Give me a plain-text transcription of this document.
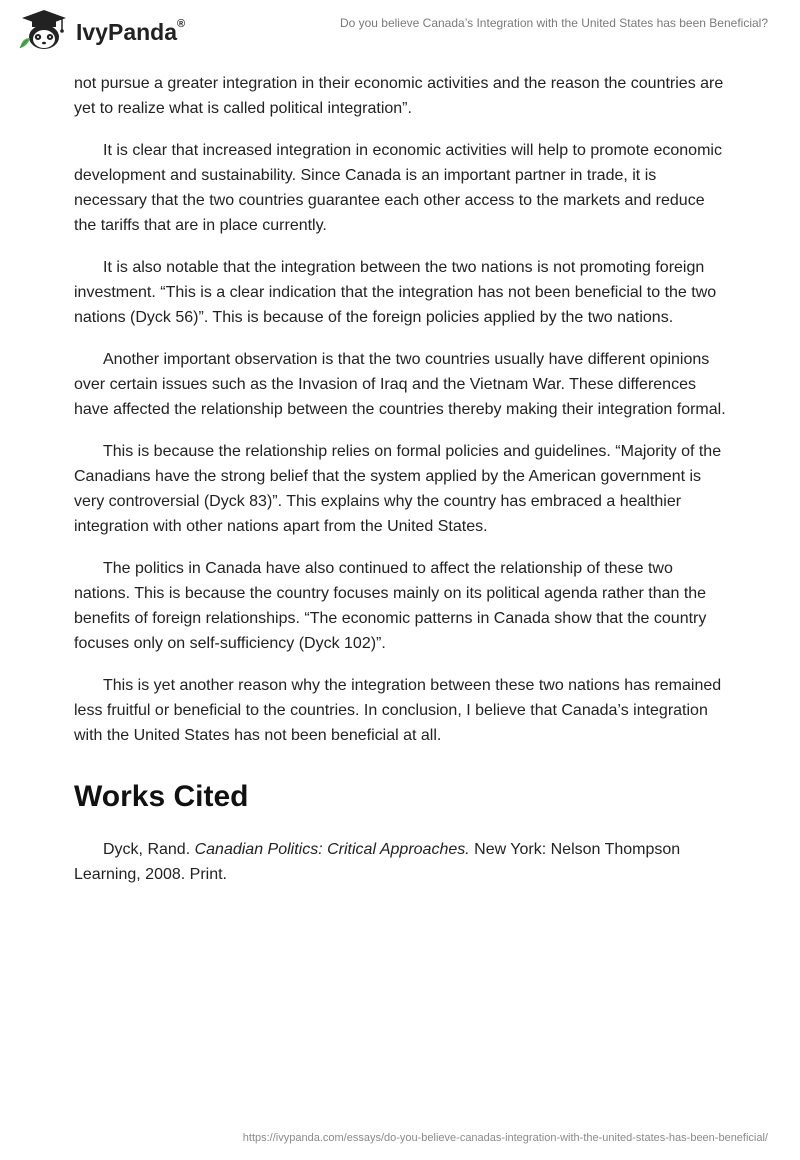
IvyPanda®	Do you believe Canada’s Integration with the United States has been Beneficial?

not pursue a greater integration in their economic activities and the reason the countries are yet to realize what is called political integration”.

It is clear that increased integration in economic activities will help to promote economic development and sustainability. Since Canada is an important partner in trade, it is necessary that the two countries guarantee each other access to the markets and reduce the tariffs that are in place currently.

It is also notable that the integration between the two nations is not promoting foreign investment. “This is a clear indication that the integration has not been beneficial to the two nations (Dyck 56)”. This is because of the foreign policies applied by the two nations.

Another important observation is that the two countries usually have different opinions over certain issues such as the Invasion of Iraq and the Vietnam War. These differences have affected the relationship between the countries thereby making their integration formal.

This is because the relationship relies on formal policies and guidelines. “Majority of the Canadians have the strong belief that the system applied by the American government is very controversial (Dyck 83)”. This explains why the country has embraced a healthier integration with other nations apart from the United States.

The politics in Canada have also continued to affect the relationship of these two nations. This is because the country focuses mainly on its political agenda rather than the benefits of foreign relationships. “The economic patterns in Canada show that the country focuses only on self-sufficiency (Dyck 102)”.

This is yet another reason why the integration between these two nations has remained less fruitful or beneficial to the countries. In conclusion, I believe that Canada’s integration with the United States has not been beneficial at all.

Works Cited

Dyck, Rand. Canadian Politics: Critical Approaches. New York: Nelson Thompson Learning, 2008. Print.

https://ivypanda.com/essays/do-you-believe-canadas-integration-with-the-united-states-has-been-beneficial/
